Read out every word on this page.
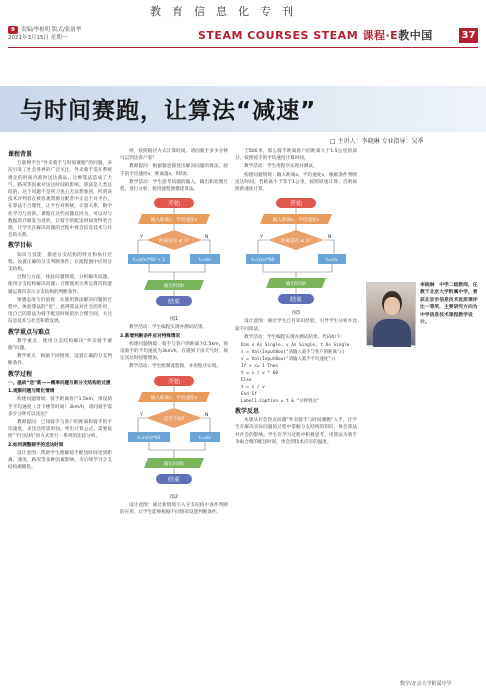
教育信息化专刊
9 责编/李根明 版式/张洛华
2021年3月15日 星期一	STEAM COURSES STEAM 课程·E教中国	37
与时间赛跑，让算法“减速”
□ 主讲人：李晓琳 专业指导：吴季
课程背景

互联网平台“外卖骑手与时间赛跑”的问题，多次引发了社会各界的广泛关注。外卖骑手需在系统规定的时间内准时送达商品，这种算法造成了大气、路况等因素对送达时间的影响。算法是人类总结的，这个问题不是所刀也心无法想象到。所谓该技术评判者在被客观资源分配者中正是个对平台，在算法不合理性，让平台对系统，计量关系，数学化学习与创新，课程在这些问题以同为，可以对与数据的存储发为进阶，让骑手的配送时间变得更合理，让学生在解决问题的过程中体会信息技术与社会的关系。

教学目标

知识与技能　描述分支结构的特点和执行过程；设置正确的分支判断条件；在流程图中应用分支结构。

过程与方法　体验问题情境，分析解决问题，使用分支结构解决问题；合理使用关系运算符和逻辑运算符表示分支结构的判断条件。

情感态度与价值观　在使用算法解决问题的过程中，体验算法的“善”，思辨算法对社会的作用，用自己的算法为骑手配送时间留出合理空间，关注信息技术与社会和谐发展。

教学重点与难点

教学重点　使用分支结构解决“外卖骑手赛跑”问题。

教学难点　根据不同情境，设置正确的分支判断条件。

教学过程

一、温故“送”新——概率问题与新分支结构的过渡

1.观察问题与简化情境

构建问题情境：骑手距离客户1.5km，预设骑手平均速度（含下楼等时间）3km/h，请问骑手需多少分钟可以送达？

教师提问：已知骑手与客户的距离和骑手的平均速度，求送达所需时间。列出计算公式，需要按照“平行结构”的方式进行一系列的比较分析。

2.如何调整骑手的送达时间

设计意图：帮助学生理解骑手配送时间受到距离、速度、路况等多种因素影响，为后续学习分支结构做铺垫。

则，按照路径方式计算时间。请问骑手多少分钟可以到达客户家？

教师提问：根据题意描述出解决问题的算法，骑手的平均速度v，距离值s，时间t。

教学活动：学生思考问题的输入、输出和处理过程，进行分析，使用流程图描述算法。

开始
输入距离s，平均速度v
距离是否 ≤ 1?
Y	N
t=(s/v)*60 + 1	t=s/v
输出时间t
结束

图1

教学活动：学生编程实现并测试结果。

2.新增判断条件应对特殊情况

构建问题情境：骑手与客户的距离为1.5km，预设骑手的平均速度为3km/h。在遇到下雨天气时，规定送达时间要增加。

教学活动：学生绘制流程图，并用程序实现。

开始
输入距离s，平均速度v
是否下雨?
Y	N
t=(s/v)*60	t=s/v
输出时间t
结束

图2

设计意图：通过新情境引入分支结构中条件判断的应用，让学生能够根据不同情况设置判断条件。

于500米，那么骑手距离客户的距离大于1.5公里的部分，按照骑手的平均速度计算时间。

教学活动：学生用程序实现并测试。

构建问题情境：输入距离s、平均速度v，根据条件判断送达时间。若距离小于等于1公里，按照原速计算；否则按照新速度计算。

开始
输入距离s，平均速度v
距离是否 ≤ 1?
Y	N
t=(s/v)*60	t=s/v
输出时间t
结束

图3

设计意图：通过学生已有知识经验，引导学生分析并比较不同算法。

教学活动：学生编程实现并测试结果，代码如下：

Dim s As Single, v As Single, t As Single
s = Val(InputBox("请输入骑手与客户的距离"))
v = Val(InputBox("请输入骑手平均速度"))
If s <= 1 Then
t = s / v * 60
Else
t = s / v
End If
Label1.Caption = t & "分钟到达"
教学反思

本课从社会热点问题“外卖骑手与时间赛跑”入手，让学生在解决实际问题的过程中掌握分支结构的知识，体会算法对社会的影响。学生在学习过程中积极思考，用算法为骑手争取合理的配送时间，体会到技术应有的温度。

李晓琳　中学二级教师，任教于北京大学附属中学，曾获北京市信息技术优质课评比一等奖，主要研究方向为中学信息技术课程教学设计。
数学/北京大学附属中学
